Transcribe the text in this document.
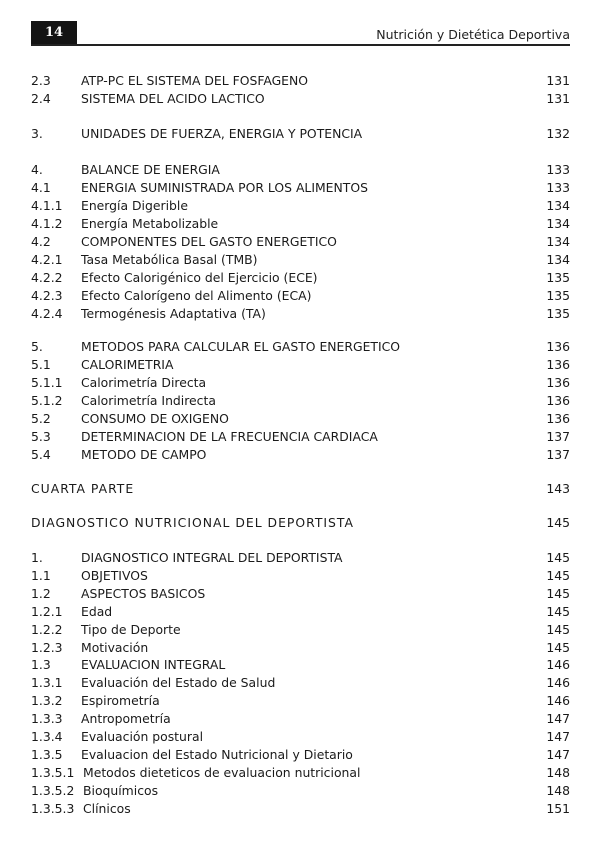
14	Nutrición y Dietética Deportiva
2.3 ATP-PC EL SISTEMA DEL FOSFAGENO	131
2.4 SISTEMA DEL ACIDO LACTICO	131
3.	UNIDADES DE FUERZA, ENERGIA Y POTENCIA	132
4.	BALANCE DE ENERGIA	133
4.1 ENERGIA SUMINISTRADA POR LOS ALIMENTOS	133
4.1.1 Energía Digerible	134
4.1.2 Energía Metabolizable	134
4.2 COMPONENTES DEL GASTO ENERGETICO	134
4.2.1 Tasa Metabólica Basal (TMB)	134
4.2.2 Efecto Calorigénico del Ejercicio (ECE)	135
4.2.3 Efecto Calorígeno del Alimento (ECA)	135
4.2.4 Termogénesis Adaptativa (TA)	135
5.	METODOS PARA CALCULAR EL GASTO ENERGETICO	136
5.1 CALORIMETRIA	136
5.1.1 Calorimetría Directa	136
5.1.2 Calorimetría Indirecta	136
5.2 CONSUMO DE OXIGENO	136
5.3 DETERMINACION DE LA FRECUENCIA CARDIACA	137
5.4 METODO DE CAMPO	137
CUARTA PARTE	143
DIAGNOSTICO NUTRICIONAL DEL DEPORTISTA	145
1.	DIAGNOSTICO INTEGRAL DEL DEPORTISTA	145
1.1 OBJETIVOS	145
1.2 ASPECTOS BASICOS	145
1.2.1 Edad	145
1.2.2 Tipo de Deporte	145
1.2.3 Motivación	145
1.3 EVALUACION INTEGRAL	146
1.3.1 Evaluación del Estado de Salud	146
1.3.2 Espirometría	146
1.3.3 Antropometría	147
1.3.4 Evaluación postural	147
1.3.5 Evaluacion del Estado Nutricional y Dietario	147
1.3.5.1 Metodos dieteticos de evaluacion nutricional	148
1.3.5.2 Bioquímicos	148
1.3.5.3 Clínicos	151
